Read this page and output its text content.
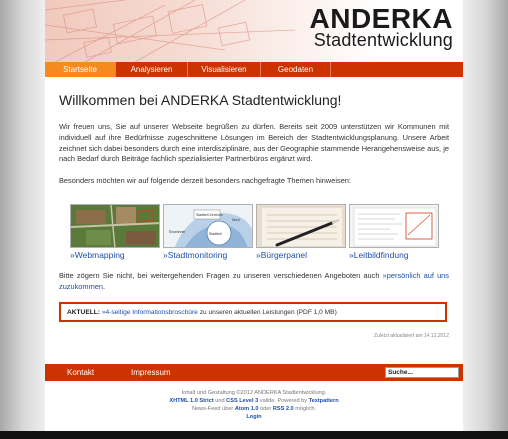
ANDERKA
Stadtentwicklung
Startseite	Analysieren	Visualisieren	Geodaten
Willkommen bei ANDERKA Stadtentwicklung!

Wir freuen uns, Sie auf unserer Webseite begrüßen zu dürfen. Bereits seit 2009 unterstützen wir Kommunen mit individuell auf ihre Bedürfnisse zugeschnittene Lösungen im Bereich der Stadtentwicklungsplanung. Unsere Arbeit zeichnet sich dabei besonders durch eine interdisziplinäre, aus der Geographie stammende Herangehensweise aus, je nach Bedarf durch Beiträge fachlich spezialisierter Partnerbüros ergänzt wird.

Besonders möchten wir auf folgende derzeit besonders nachgefragte Themen hinweisen:

»Webmapping
Stadtteil Zentrum
Nord
Einwohner	Stadtteil
»Stadtmonitoring	»Bürgerpanel	»Leitbildfindung

Bitte zögern Sie nicht, bei weitergehenden Fragen zu unseren verschiedenen Angeboten auch »persönlich auf uns zuzukommen.

AKTUELL: »4-seitige Informationsbroschüre zu unseren aktuellen Leistungen (PDF 1,0 MB)
Zuletzt aktualisiert am 14.12.2012
Kontakt	Impressum
Suche...
Inhalt und Gestaltung ©2012 ANDERKA Stadtentwicklung.
XHTML 1.0 Strict und CSS Level 3 valide. Powered by Textpattern
News-Feed über Atom 1.0 oder RSS 2.0 möglich.
Login
